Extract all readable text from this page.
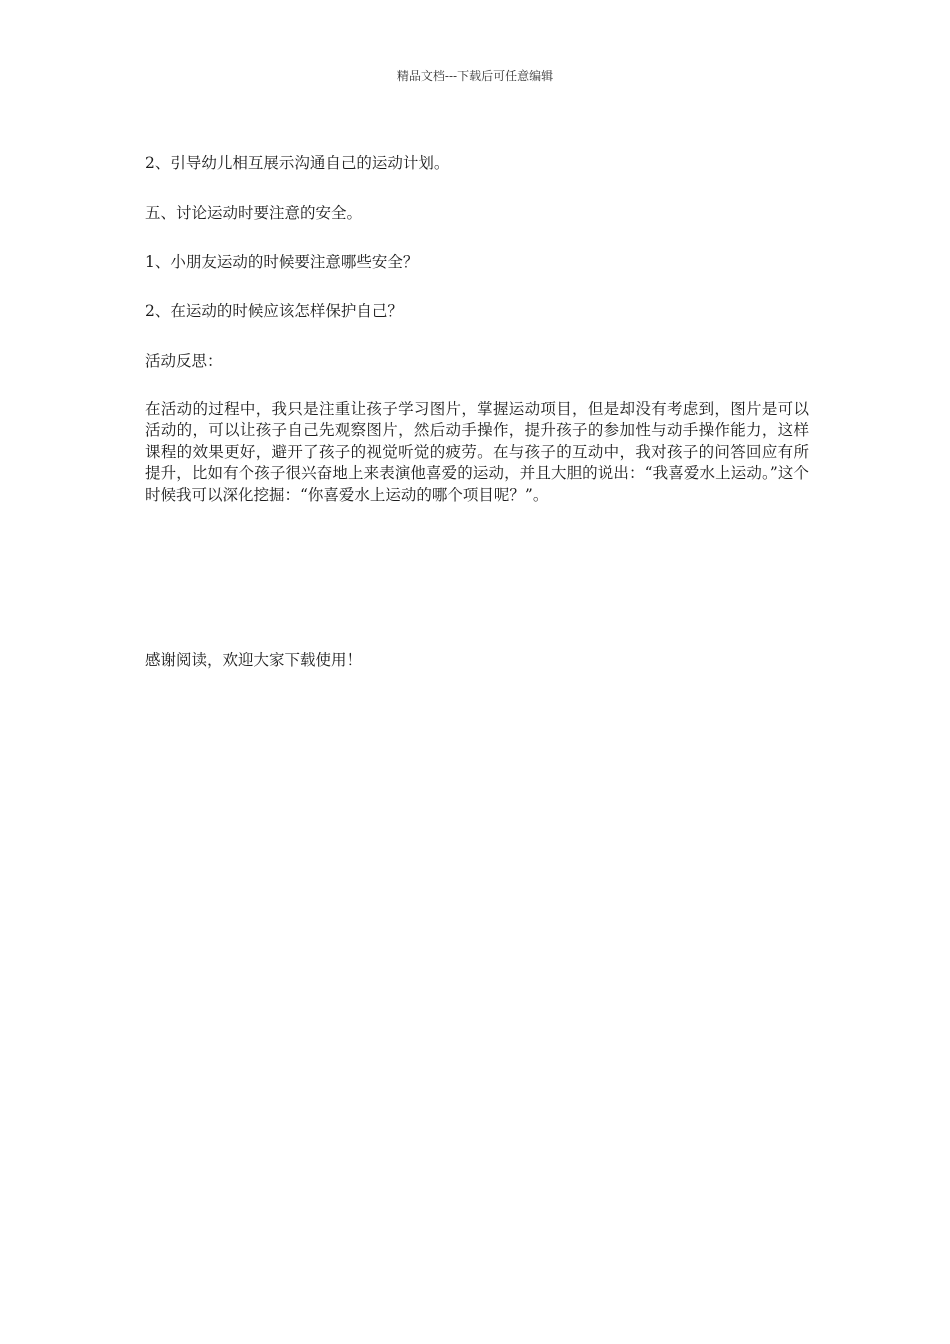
精品文档---下载后可任意编辑
2、引导幼儿相互展示沟通自己的运动计划。
五、讨论运动时要注意的安全。
1、小朋友运动的时候要注意哪些安全？
2、在运动的时候应该怎样保护自己？
活动反思：
在活动的过程中，我只是注重让孩子学习图片，掌握运动项目，但是却没有考虑到，图片是可以活动的，可以让孩子自己先观察图片，然后动手操作，提升孩子的参加性与动手操作能力，这样课程的效果更好，避开了孩子的视觉听觉的疲劳。在与孩子的互动中，我对孩子的问答回应有所提升，比如有个孩子很兴奋地上来表演他喜爱的运动，并且大胆的说出：“我喜爱水上运动。”这个时候我可以深化挖掘：“你喜爱水上运动的哪个项目呢？”。
感谢阅读，欢迎大家下载使用！
